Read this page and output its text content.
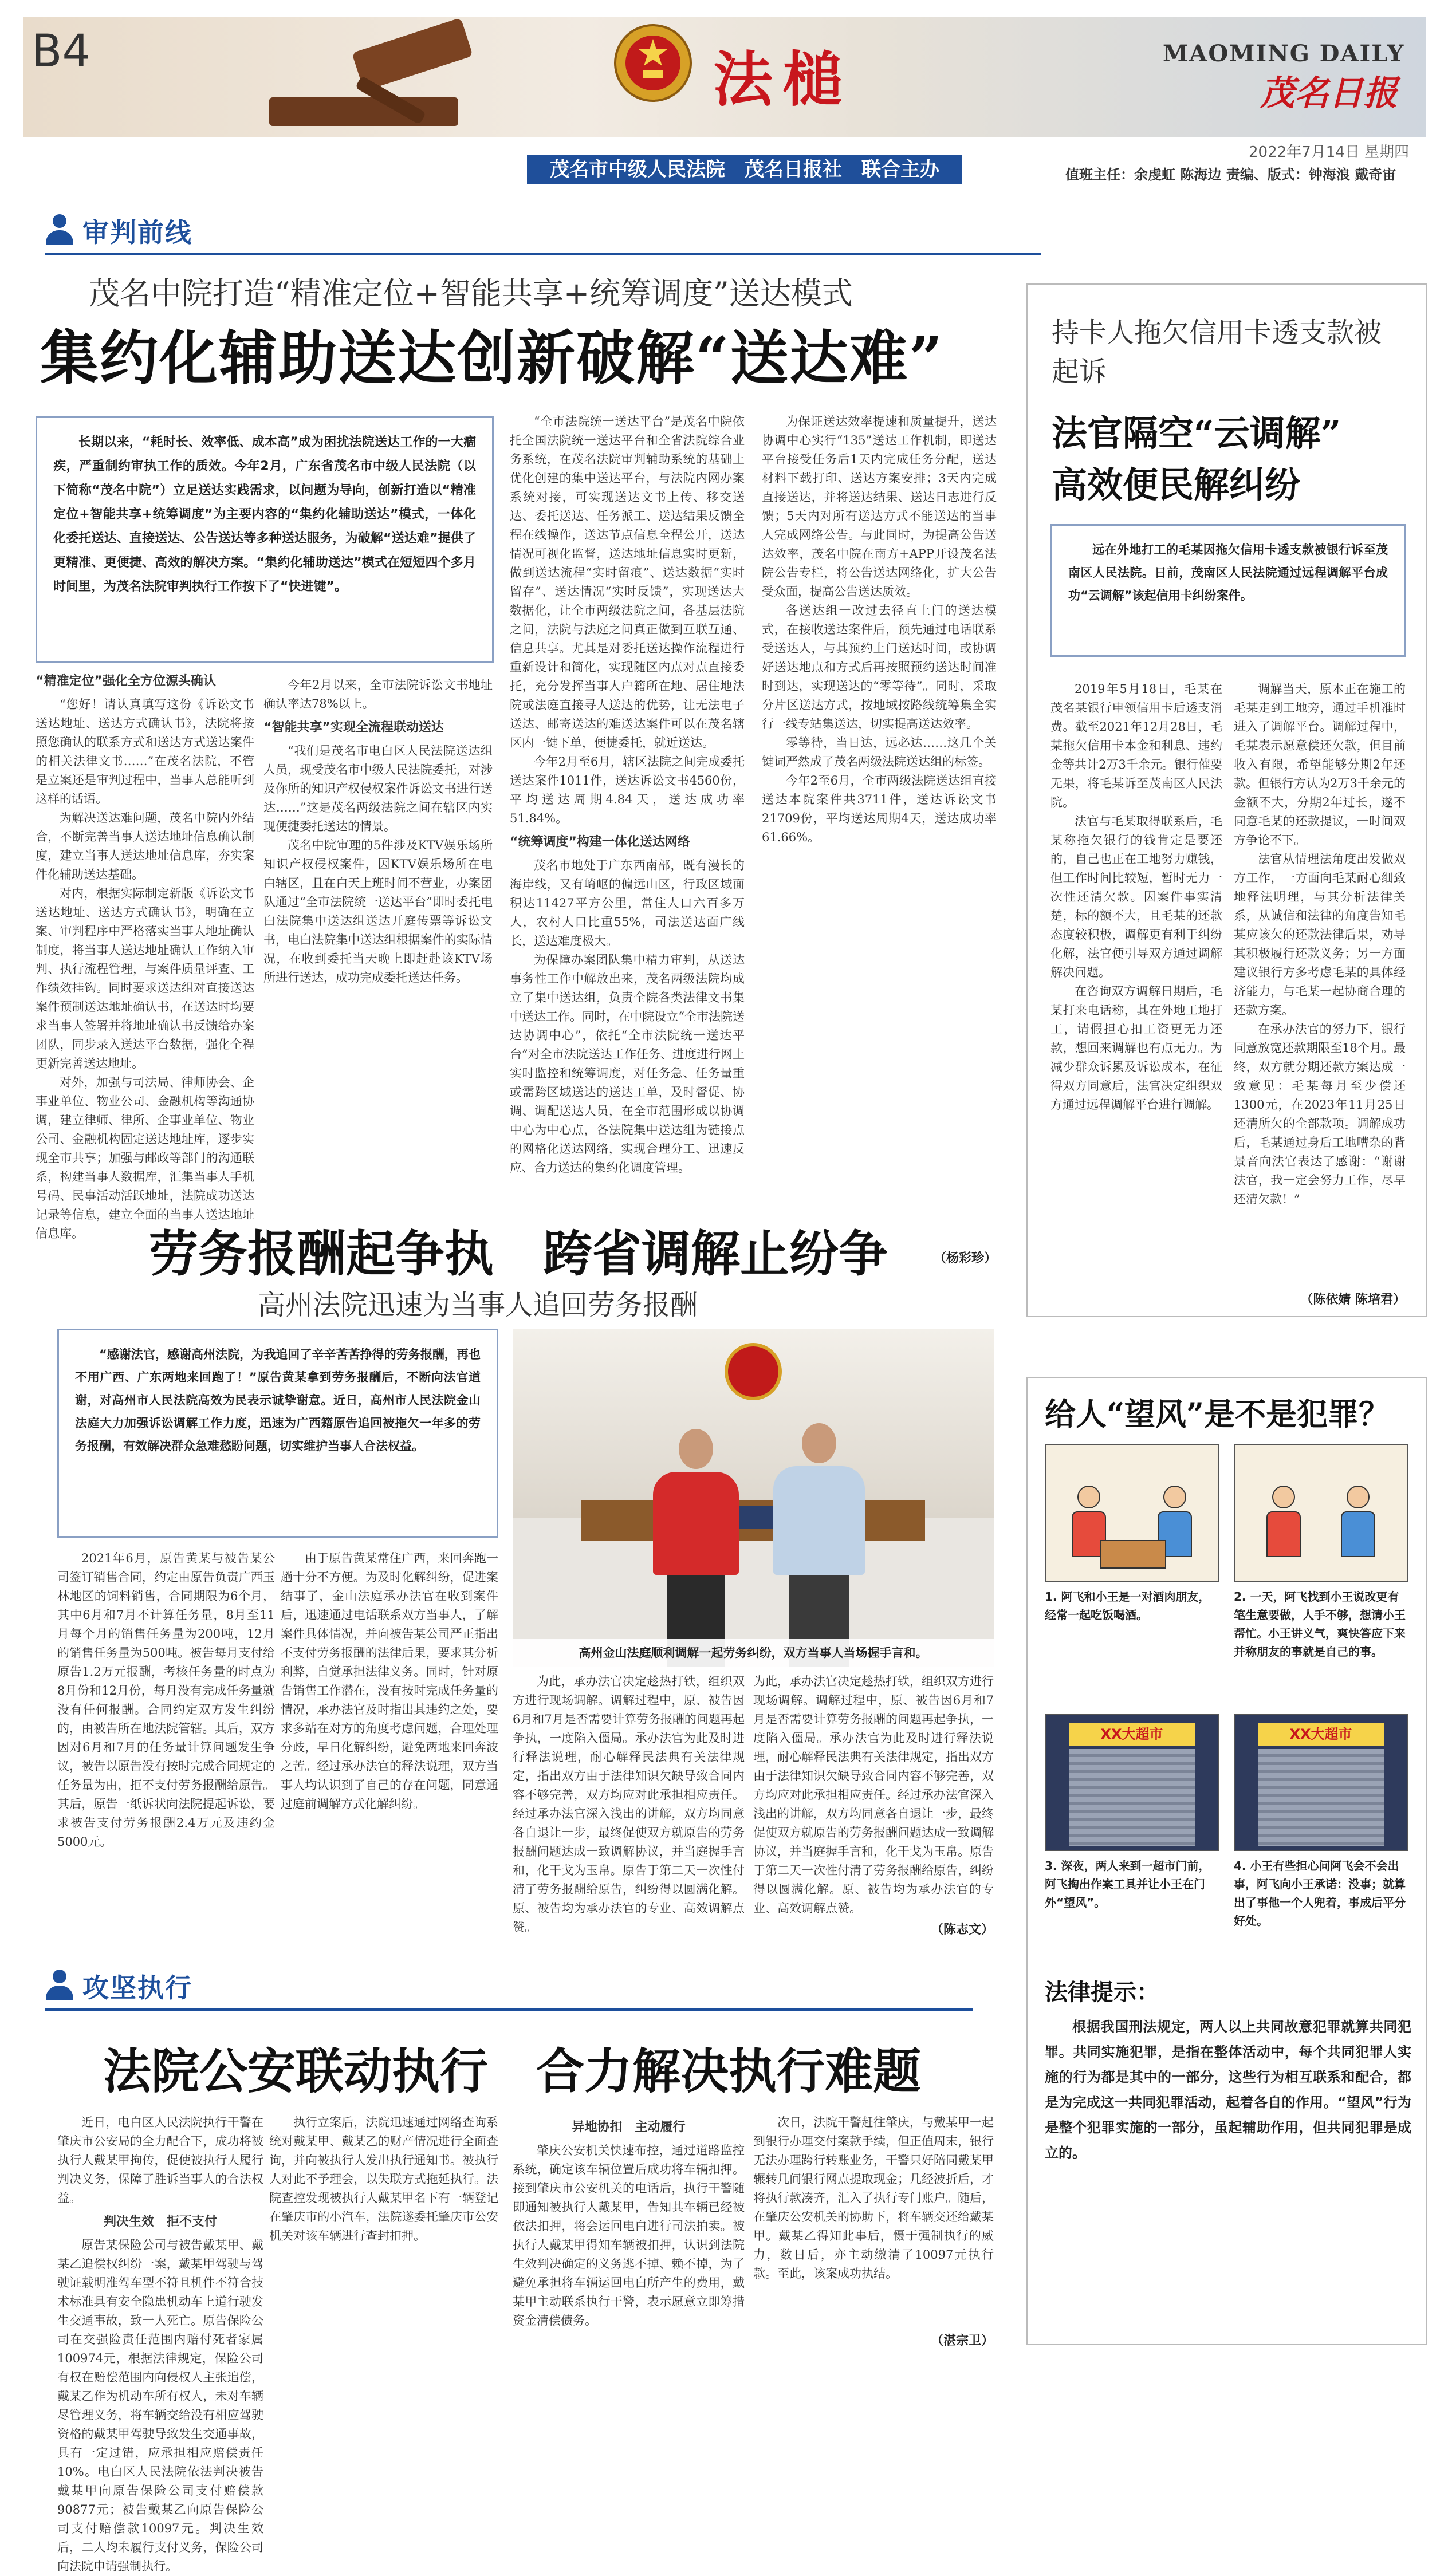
B4	法槌	MAOMING DAILY
茂名日报
2022年7月14日 星期四
茂名市中级人民法院　茂名日报社　联合主办	值班主任：余虔虹 陈海边 责编、版式：钟海浪 戴奇宙
审判前线
茂名中院打造“精准定位+智能共享+统筹调度”送达模式
集约化辅助送达创新破解“送达难”
长期以来，“耗时长、效率低、成本高”成为困扰法院送达工作的一大痼疾，严重制约审执工作的质效。今年2月，广东省茂名市中级人民法院（以下简称“茂名中院”）立足送达实践需求，以问题为导向，创新打造以“精准定位+智能共享+统筹调度”为主要内容的“集约化辅助送达”模式，一体化化委托送达、直接送达、公告送达等多种送达服务，为破解“送达难”提供了更精准、更便捷、高效的解决方案。“集约化辅助送达”模式在短短四个多月时间里，为茂名法院审判执行工作按下了“快进键”。

“精准定位”强化全方位源头确认

“您好！请认真填写这份《诉讼文书送达地址、送达方式确认书》，法院将按照您确认的联系方式和送达方式送达案件的相关法律文书……”在茂名法院，不管是立案还是审判过程中，当事人总能听到这样的话语。

为解决送达难问题，茂名中院内外结合，不断完善当事人送达地址信息确认制度，建立当事人送达地址信息库，夯实案件化辅助送达基础。

对内，根据实际制定新版《诉讼文书送达地址、送达方式确认书》，明确在立案、审判程序中严格落实当事人地址确认制度，将当事人送达地址确认工作纳入审判、执行流程管理，与案件质量评查、工作绩效挂钩。同时要求送达组对直接送达案件预制送达地址确认书，在送达时均要求当事人签署并将地址确认书反馈给办案团队，同步录入送达平台数据，强化全程更新完善送达地址。

对外，加强与司法局、律师协会、企事业单位、物业公司、金融机构等沟通协调，建立律师、律所、企事业单位、物业公司、金融机构固定送达地址库，逐步实现全市共享；加强与邮政等部门的沟通联系，构建当事人数据库，汇集当事人手机号码、民事活动活跃地址，法院成功送达记录等信息，建立全面的当事人送达地址信息库。

今年2月以来，全市法院诉讼文书地址确认率达78%以上。

“智能共享”实现全流程联动送达

“我们是茂名市电白区人民法院送达组人员，现受茂名市中级人民法院委托，对涉及你所的知识产权侵权案件诉讼文书进行送达……”这是茂名两级法院之间在辖区内实现便捷委托送达的情景。

茂名中院审理的5件涉及KTV娱乐场所知识产权侵权案件，因KTV娱乐场所在电白辖区，且在白天上班时间不营业，办案团队通过“全市法院统一送达平台”即时委托电白法院集中送达组送达开庭传票等诉讼文书，电白法院集中送达组根据案件的实际情况，在收到委托当天晚上即赶赴该KTV场所进行送达，成功完成委托送达任务。

“全市法院统一送达平台”是茂名中院依托全国法院统一送达平台和全省法院综合业务系统，在茂名法院审判辅助系统的基础上优化创建的集中送达平台，与法院内网办案系统对接，可实现送达文书上传、移交送达、委托送达、任务派工、送达结果反馈全程在线操作，送达节点信息全程公开，送达情况可视化监督，送达地址信息实时更新，做到送达流程“实时留痕”、送达数据“实时留存”、送达情况“实时反馈”，实现送达大数据化，让全市两级法院之间，各基层法院之间，法院与法庭之间真正做到互联互通、信息共享。尤其是对委托送达操作流程进行重新设计和简化，实现随区内点对点直接委托，充分发挥当事人户籍所在地、居住地法院或法庭直接寻人送达的优势，让无法电子送达、邮寄送达的难送达案件可以在茂名辖区内一键下单，便捷委托，就近送达。

今年2月至6月，辖区法院之间完成委托送达案件1011件，送达诉讼文书4560份，平均送达周期4.84天，送达成功率51.84%。

“统筹调度”构建一体化送达网络

茂名市地处于广东西南部，既有漫长的海岸线，又有崎岖的偏远山区，行政区域面积达11427平方公里，常住人口六百多万人，农村人口比重55%，司法送达面广线长，送达难度极大。

为保障办案团队集中精力审判，从送达事务性工作中解放出来，茂名两级法院均成立了集中送达组，负责全院各类法律文书集中送达工作。同时，在中院设立“全市法院送达协调中心”，依托“全市法院统一送达平台”对全市法院送达工作任务、进度进行网上实时监控和统筹调度，对任务急、任务量重或需跨区域送达的送达工单，及时督促、协调、调配送达人员，在全市范围形成以协调中心为中心点，各法院集中送达组为链接点的网格化送达网络，实现合理分工、迅速反应、合力送达的集约化调度管理。

为保证送达效率提速和质量提升，送达协调中心实行“135”送达工作机制，即送达平台接受任务后1天内完成任务分配，送达材料下载打印、送达方案安排；3天内完成直接送达，并将送达结果、送达日志进行反馈；5天内对所有送达方式不能送达的当事人完成网络公告。与此同时，为提高公告送达效率，茂名中院在南方+APP开设茂名法院公告专栏，将公告送达网络化，扩大公告受众面，提高公告送达质效。

各送达组一改过去径直上门的送达模式，在接收送达案件后，预先通过电话联系受送达人，与其预约上门送达时间，或协调好送达地点和方式后再按照预约送达时间准时到达，实现送达的“零等待”。同时，采取分片区送达方式，按地域按路线统筹集全实行一线专站集送达，切实提高送达效率。

零等待，当日达，远必达……这几个关键词严然成了茂名两级法院送达组的标签。

今年2至6月，全市两级法院送达组直接送达本院案件共3711件，送达诉讼文书21709份，平均送达周期4天，送达成功率61.66%。

（杨彩珍）
持卡人拖欠信用卡透支款被起诉
法官隔空“云调解”
高效便民解纠纷
远在外地打工的毛某因拖欠信用卡透支款被银行诉至茂南区人民法院。日前，茂南区人民法院通过远程调解平台成功“云调解”该起信用卡纠纷案件。

2019年5月18日，毛某在茂名某银行申领信用卡后透支消费。截至2021年12月28日，毛某拖欠信用卡本金和利息、违约金等共计2万3千余元。银行催要无果，将毛某诉至茂南区人民法院。

法官与毛某取得联系后，毛某称拖欠银行的钱肯定是要还的，自己也正在工地努力赚钱，但工作时间比较短，暂时无力一次性还清欠款。因案件事实清楚，标的额不大，且毛某的还款态度较积极，调解更有利于纠纷化解，法官便引导双方通过调解解决问题。

在咨询双方调解日期后，毛某打来电话称，其在外地工地打工，请假担心扣工资更无力还款，想回来调解也有点无力。为减少群众诉累及诉讼成本，在征得双方同意后，法官决定组织双方通过远程调解平台进行调解。

调解当天，原本正在施工的毛某走到工地旁，通过手机准时进入了调解平台。调解过程中，毛某表示愿意偿还欠款，但目前收入有限，希望能够分期2年还款。但银行方认为2万3千余元的金额不大，分期2年过长，遂不同意毛某的还款提议，一时间双方争论不下。

法官从情理法角度出发做双方工作，一方面向毛某耐心细致地释法明理，与其分析法律关系，从诚信和法律的角度告知毛某应该欠的还款法律后果，劝导其积极履行还款义务；另一方面建议银行方多考虑毛某的具体经济能力，与毛某一起协商合理的还款方案。

在承办法官的努力下，银行同意放宽还款期限至18个月。最终，双方就分期还款方案达成一致意见：毛某每月至少偿还1300元，在2023年11月25日还清所欠的全部款项。调解成功后，毛某通过身后工地嘈杂的背景音向法官表达了感谢：“谢谢法官，我一定会努力工作，尽早还清欠款！”

（陈依婧 陈培君）
劳务报酬起争执　跨省调解止纷争
高州法院迅速为当事人追回劳务报酬
“感谢法官，感谢高州法院，为我追回了辛辛苦苦挣得的劳务报酬，再也不用广西、广东两地来回跑了！”原告黄某拿到劳务报酬后，不断向法官道谢，对高州市人民法院高效为民表示诚挚谢意。近日，高州市人民法院金山法庭大力加强诉讼调解工作力度，迅速为广西籍原告追回被拖欠一年多的劳务报酬，有效解决群众急难愁盼问题，切实维护当事人合法权益。
高州金山法庭顺利调解一起劳务纠纷，双方当事人当场握手言和。

2021年6月，原告黄某与被告某公司签订销售合同，约定由原告负责广西玉林地区的饲料销售，合同期限为6个月，其中6月和7月不计算任务量，8月至11月每个月的销售任务量为200吨，12月的销售任务量为500吨。被告每月支付给原告1.2万元报酬，考核任务量的时点为8月份和12月份，每月没有完成任务量就没有任何报酬。合同约定双方发生纠纷的，由被告所在地法院管辖。其后，双方因对6月和7月的任务量计算问题发生争议，被告以原告没有按时完成合同规定的任务量为由，拒不支付劳务报酬给原告。其后，原告一纸诉状向法院提起诉讼，要求被告支付劳务报酬2.4万元及违约金5000元。

由于原告黄某常住广西，来回奔跑一趟十分不方便。为及时化解纠纷，促进案结事了，金山法庭承办法官在收到案件后，迅速通过电话联系双方当事人，了解案件具体情况，并向被告某公司严正指出不支付劳务报酬的法律后果，要求其分析利弊，自觉承担法律义务。同时，针对原告销售工作潜在，没有按时完成任务量的情况，承办法官及时指出其违约之处，要求多站在对方的角度考虑问题，合理处理分歧，早日化解纠纷，避免两地来回奔波之苦。经过承办法官的释法说理，双方当事人均认识到了自己的存在问题，同意通过庭前调解方式化解纠纷。

为此，承办法官决定趁热打铁，组织双方进行现场调解。调解过程中，原、被告因6月和7月是否需要计算劳务报酬的问题再起争执，一度陷入僵局。承办法官为此及时进行释法说理，耐心解释民法典有关法律规定，指出双方由于法律知识欠缺导致合同内容不够完善，双方均应对此承担相应责任。经过承办法官深入浅出的讲解，双方均同意各自退让一步，最终促使双方就原告的劳务报酬问题达成一致调解协议，并当庭握手言和，化干戈为玉帛。原告于第二天一次性付清了劳务报酬给原告，纠纷得以圆满化解。原、被告均为承办法官的专业、高效调解点赞。

为此，承办法官决定趁热打铁，组织双方进行现场调解。调解过程中，原、被告因6月和7月是否需要计算劳务报酬的问题再起争执，一度陷入僵局。承办法官为此及时进行释法说理，耐心解释民法典有关法律规定，指出双方由于法律知识欠缺导致合同内容不够完善，双方均应对此承担相应责任。经过承办法官深入浅出的讲解，双方均同意各自退让一步，最终促使双方就原告的劳务报酬问题达成一致调解协议，并当庭握手言和，化干戈为玉帛。原告于第二天一次性付清了劳务报酬给原告，纠纷得以圆满化解。原、被告均为承办法官的专业、高效调解点赞。

（陈志文）
给人“望风”是不是犯罪？
1. 阿飞和小王是一对酒肉朋友，经常一起吃饭喝酒。
2. 一天，阿飞找到小王说改更有笔生意要做，人手不够，想请小王帮忙。小王讲义气，爽快答应下来并称朋友的事就是自己的事。
XX大超市
3. 深夜，两人来到一超市门前，阿飞掏出作案工具并让小王在门外“望风”。
XX大超市
4. 小王有些担心问阿飞会不会出事，阿飞向小王承诺：没事；就算出了事他一个人兜着，事成后平分好处。
法律提示：
根据我国刑法规定，两人以上共同故意犯罪就算共同犯罪。共同实施犯罪，是指在整体活动中，每个共同犯罪人实施的行为都是其中的一部分，这些行为相互联系和配合，都是为完成这一共同犯罪活动，起着各自的作用。“望风”行为是整个犯罪实施的一部分，虽起辅助作用，但共同犯罪是成立的。
攻坚执行
法院公安联动执行　合力解决执行难题

近日，电白区人民法院执行干警在肇庆市公安局的全力配合下，成功将被执行人戴某甲拘传，促使被执行人履行判决义务，保障了胜诉当事人的合法权益。

判决生效　拒不支付

原告某保险公司与被告戴某甲、戴某乙追偿权纠纷一案，戴某甲驾驶与驾驶证载明准驾车型不符且机件不符合技术标准具有安全隐患机动车上道行驶发生交通事故，致一人死亡。原告保险公司在交强险责任范围内赔付死者家属100974元，根据法律规定，保险公司有权在赔偿范围内向侵权人主张追偿，戴某乙作为机动车所有权人，未对车辆尽管理义务，将车辆交给没有相应驾驶资格的戴某甲驾驶导致发生交通事故，具有一定过错，应承担相应赔偿责任10%。电白区人民法院依法判决被告戴某甲向原告保险公司支付赔偿款90877元；被告戴某乙向原告保险公司支付赔偿款10097元。判决生效后，二人均未履行支付义务，保险公司向法院申请强制执行。

执行立案后，法院迅速通过网络查询系统对戴某甲、戴某乙的财产情况进行全面查询，并向被执行人发出执行通知书。被执行人对此不予理会，以失联方式拖延执行。法院查控发现被执行人戴某甲名下有一辆登记在肇庆市的小汽车，法院遂委托肇庆市公安机关对该车辆进行查封扣押。

异地协扣　主动履行

肇庆公安机关快速布控，通过道路监控系统，确定该车辆位置后成功将车辆扣押。接到肇庆市公安机关的电话后，执行干警随即通知被执行人戴某甲，告知其车辆已经被依法扣押，将会运回电白进行司法拍卖。被执行人戴某甲得知车辆被扣押，认识到法院生效判决确定的义务逃不掉、赖不掉，为了避免承担将车辆运回电白所产生的费用，戴某甲主动联系执行干警，表示愿意立即筹措资金清偿债务。

次日，法院干警赶往肇庆，与戴某甲一起到银行办理交付案款手续，但正值周末，银行无法办理跨行转账业务，干警只好陪同戴某甲辗转几间银行网点提取现金；几经波折后，才将执行款凑齐，汇入了执行专门账户。随后，在肇庆公安机关的协助下，将车辆交还给戴某甲。戴某乙得知此事后，慑于强制执行的威力，数日后，亦主动缴清了10097元执行款。至此，该案成功执结。

（湛宗卫）
